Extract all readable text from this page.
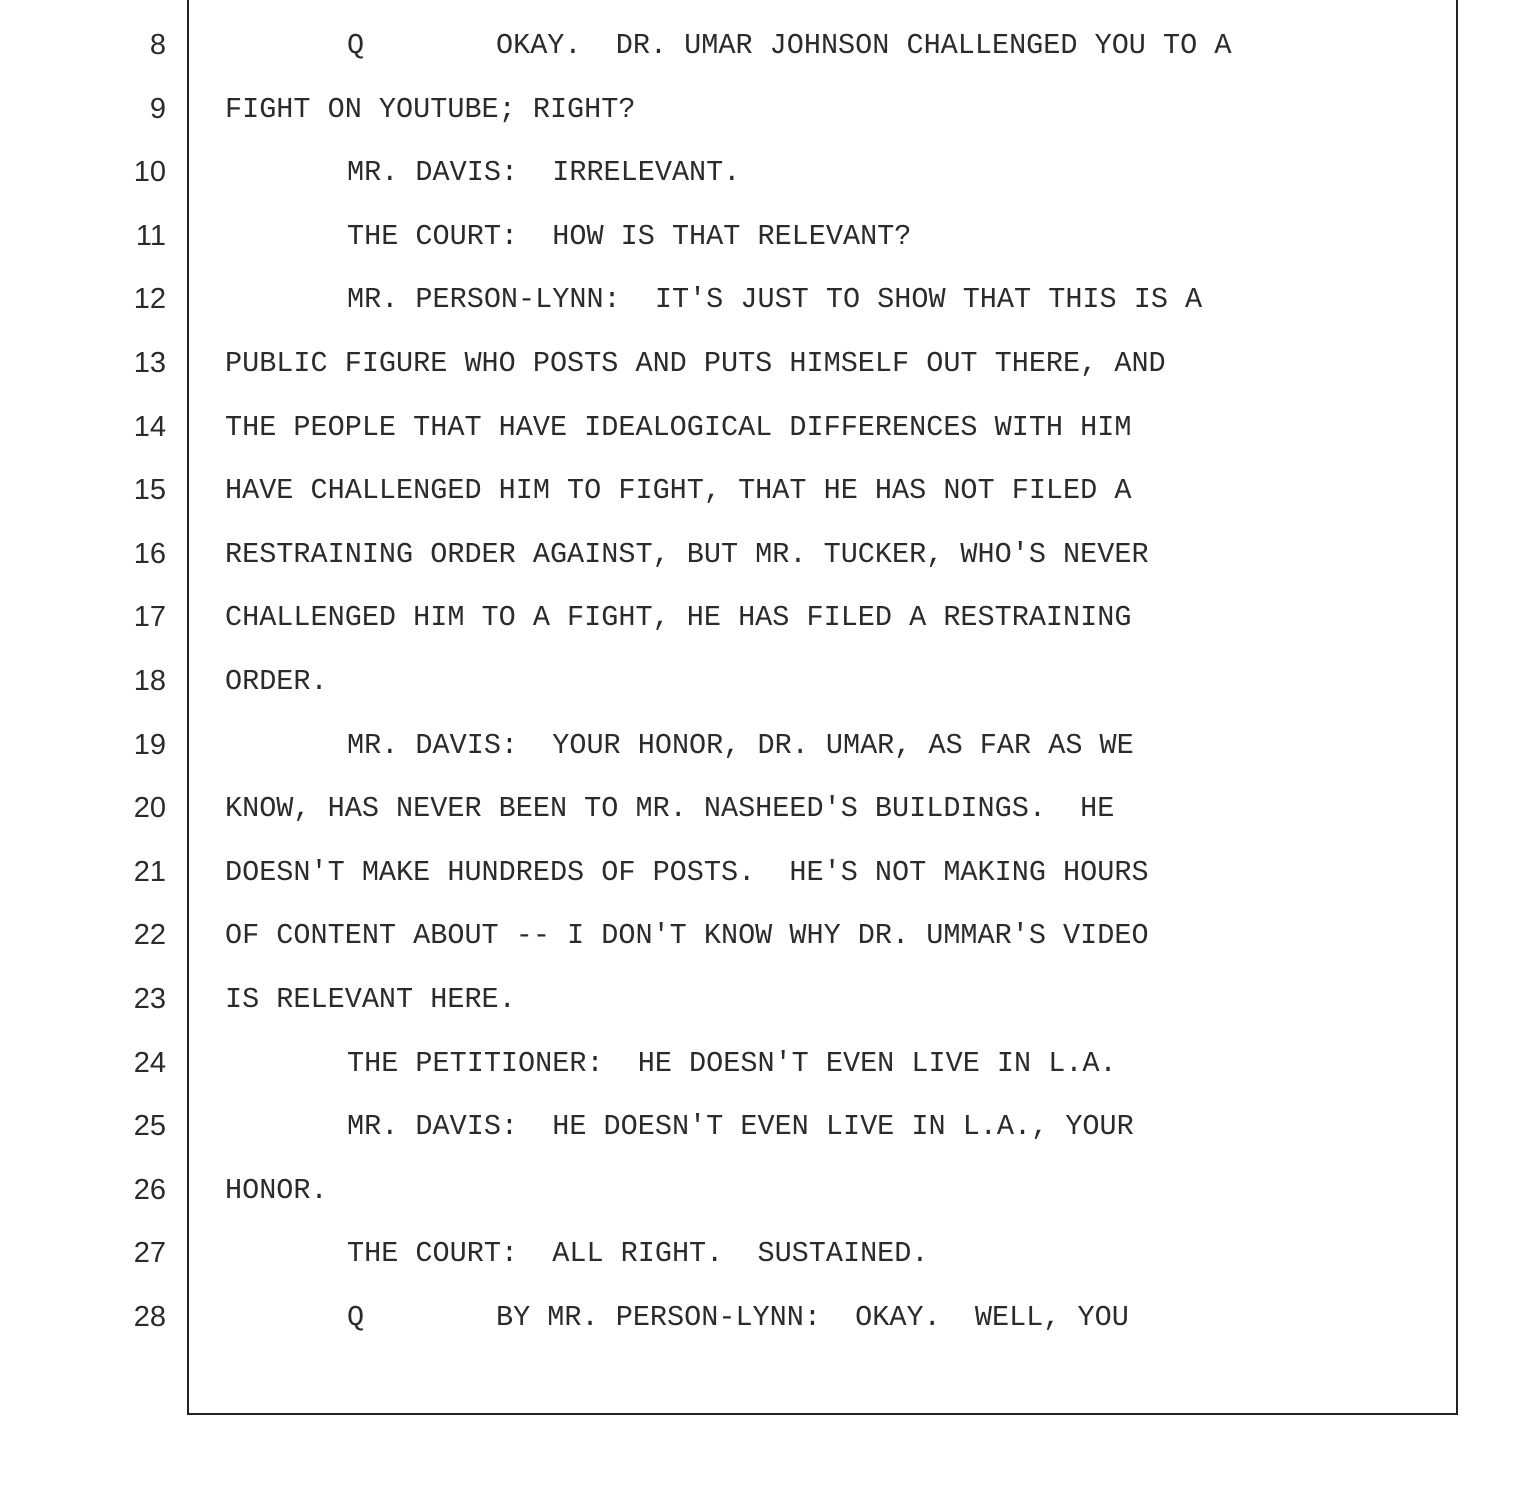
8

	Q	OKAY.  DR. UMAR JOHNSON CHALLENGED YOU TO A

9

FIGHT ON YOUTUBE; RIGHT?

10

	MR. DAVIS:  IRRELEVANT.

11

	THE COURT:  HOW IS THAT RELEVANT?

12

	MR. PERSON-LYNN:  IT'S JUST TO SHOW THAT THIS IS A

13

PUBLIC FIGURE WHO POSTS AND PUTS HIMSELF OUT THERE, AND

14

THE PEOPLE THAT HAVE IDEALOGICAL DIFFERENCES WITH HIM

15

HAVE CHALLENGED HIM TO FIGHT, THAT HE HAS NOT FILED A

16

RESTRAINING ORDER AGAINST, BUT MR. TUCKER, WHO'S NEVER

17

CHALLENGED HIM TO A FIGHT, HE HAS FILED A RESTRAINING

18

ORDER.

19

	MR. DAVIS:  YOUR HONOR, DR. UMAR, AS FAR AS WE

20

KNOW, HAS NEVER BEEN TO MR. NASHEED'S BUILDINGS.  HE

21

DOESN'T MAKE HUNDREDS OF POSTS.  HE'S NOT MAKING HOURS

22

OF CONTENT ABOUT -- I DON'T KNOW WHY DR. UMMAR'S VIDEO

23

IS RELEVANT HERE.

24

	THE PETITIONER:  HE DOESN'T EVEN LIVE IN L.A.

25

	MR. DAVIS:  HE DOESN'T EVEN LIVE IN L.A., YOUR

26

HONOR.

27

	THE COURT:  ALL RIGHT.  SUSTAINED.

28

	Q	BY MR. PERSON-LYNN:  OKAY.  WELL, YOU
